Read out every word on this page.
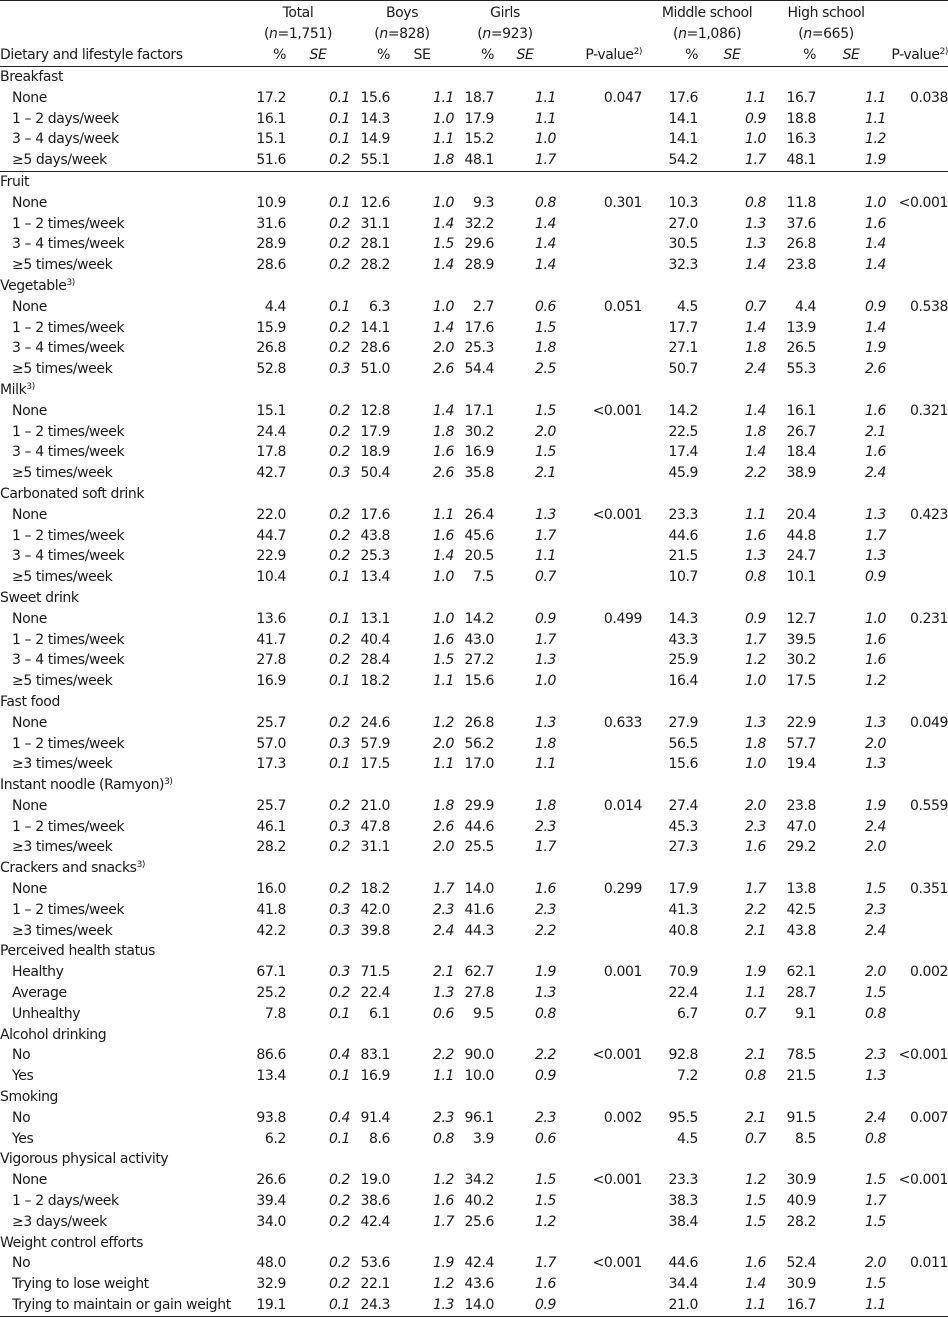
	Total		Boys		Girls			Middle school		High school			
	(n=1,751)		(n=828)		(n=923)			(n=1,086)		(n=665)			
Dietary and lifestyle factors	%	SE	%	SE	%	SE	P-value$^{2)}$	%	SE	%	SE	P-value$^{2)}$
Breakfast													
None	17.2	0.1	15.6	1.1	18.7	1.1	0.047	17.6	1.1	16.7	1.1	0.038	
1 – 2 days/week	16.1	0.1	14.3	1.0	17.9	1.1		14.1	0.9	18.8	1.1		
3 – 4 days/week	15.1	0.1	14.9	1.1	15.2	1.0		14.1	1.0	16.3	1.2		
≥5 days/week	51.6	0.2	55.1	1.8	48.1	1.7		54.2	1.7	48.1	1.9		
Fruit													
None	10.9	0.1	12.6	1.0	9.3	0.8	0.301	10.3	0.8	11.8	1.0	<0.001	
1 – 2 times/week	31.6	0.2	31.1	1.4	32.2	1.4		27.0	1.3	37.6	1.6		
3 – 4 times/week	28.9	0.2	28.1	1.5	29.6	1.4		30.5	1.3	26.8	1.4		
≥5 times/week	28.6	0.2	28.2	1.4	28.9	1.4		32.3	1.4	23.8	1.4		
Vegetable$^{3)}$
None	4.4	0.1	6.3	1.0	2.7	0.6	0.051	4.5	0.7	4.4	0.9	0.538	
1 – 2 times/week	15.9	0.2	14.1	1.4	17.6	1.5		17.7	1.4	13.9	1.4		
3 – 4 times/week	26.8	0.2	28.6	2.0	25.3	1.8		27.1	1.8	26.5	1.9		
≥5 times/week	52.8	0.3	51.0	2.6	54.4	2.5		50.7	2.4	55.3	2.6		
Milk$^{3)}$
None	15.1	0.2	12.8	1.4	17.1	1.5	<0.001	14.2	1.4	16.1	1.6	0.321	
1 – 2 times/week	24.4	0.2	17.9	1.8	30.2	2.0		22.5	1.8	26.7	2.1		
3 – 4 times/week	17.8	0.2	18.9	1.6	16.9	1.5		17.4	1.4	18.4	1.6		
≥5 times/week	42.7	0.3	50.4	2.6	35.8	2.1		45.9	2.2	38.9	2.4		
Carbonated soft drink													
None	22.0	0.2	17.6	1.1	26.4	1.3	<0.001	23.3	1.1	20.4	1.3	0.423	
1 – 2 times/week	44.7	0.2	43.8	1.6	45.6	1.7		44.6	1.6	44.8	1.7		
3 – 4 times/week	22.9	0.2	25.3	1.4	20.5	1.1		21.5	1.3	24.7	1.3		
≥5 times/week	10.4	0.1	13.4	1.0	7.5	0.7		10.7	0.8	10.1	0.9		
Sweet drink													
None	13.6	0.1	13.1	1.0	14.2	0.9	0.499	14.3	0.9	12.7	1.0	0.231	
1 – 2 times/week	41.7	0.2	40.4	1.6	43.0	1.7		43.3	1.7	39.5	1.6		
3 – 4 times/week	27.8	0.2	28.4	1.5	27.2	1.3		25.9	1.2	30.2	1.6		
≥5 times/week	16.9	0.1	18.2	1.1	15.6	1.0		16.4	1.0	17.5	1.2		
Fast food													
None	25.7	0.2	24.6	1.2	26.8	1.3	0.633	27.9	1.3	22.9	1.3	0.049	
1 – 2 times/week	57.0	0.3	57.9	2.0	56.2	1.8		56.5	1.8	57.7	2.0		
≥3 times/week	17.3	0.1	17.5	1.1	17.0	1.1		15.6	1.0	19.4	1.3		
Instant noodle (Ramyon)$^{3)}$
None	25.7	0.2	21.0	1.8	29.9	1.8	0.014	27.4	2.0	23.8	1.9	0.559	
1 – 2 times/week	46.1	0.3	47.8	2.6	44.6	2.3		45.3	2.3	47.0	2.4		
≥3 times/week	28.2	0.2	31.1	2.0	25.5	1.7		27.3	1.6	29.2	2.0		
Crackers and snacks$^{3)}$
None	16.0	0.2	18.2	1.7	14.0	1.6	0.299	17.9	1.7	13.8	1.5	0.351	
1 – 2 times/week	41.8	0.3	42.0	2.3	41.6	2.3		41.3	2.2	42.5	2.3		
≥3 times/week	42.2	0.3	39.8	2.4	44.3	2.2		40.8	2.1	43.8	2.4		
Perceived health status													
Healthy	67.1	0.3	71.5	2.1	62.7	1.9	0.001	70.9	1.9	62.1	2.0	0.002	
Average	25.2	0.2	22.4	1.3	27.8	1.3		22.4	1.1	28.7	1.5		
Unhealthy	7.8	0.1	6.1	0.6	9.5	0.8		6.7	0.7	9.1	0.8		
Alcohol drinking													
No	86.6	0.4	83.1	2.2	90.0	2.2	<0.001	92.8	2.1	78.5	2.3	<0.001	
Yes	13.4	0.1	16.9	1.1	10.0	0.9		7.2	0.8	21.5	1.3		
Smoking													
No	93.8	0.4	91.4	2.3	96.1	2.3	0.002	95.5	2.1	91.5	2.4	0.007	
Yes	6.2	0.1	8.6	0.8	3.9	0.6		4.5	0.7	8.5	0.8		
Vigorous physical activity													
None	26.6	0.2	19.0	1.2	34.2	1.5	<0.001	23.3	1.2	30.9	1.5	<0.001	
1 – 2 days/week	39.4	0.2	38.6	1.6	40.2	1.5		38.3	1.5	40.9	1.7		
≥3 days/week	34.0	0.2	42.4	1.7	25.6	1.2		38.4	1.5	28.2	1.5		
Weight control efforts													
No	48.0	0.2	53.6	1.9	42.4	1.7	<0.001	44.6	1.6	52.4	2.0	0.011	
Trying to lose weight	32.9	0.2	22.1	1.2	43.6	1.6		34.4	1.4	30.9	1.5		
Trying to maintain or gain weight	19.1	0.1	24.3	1.3	14.0	0.9		21.0	1.1	16.7	1.1		
